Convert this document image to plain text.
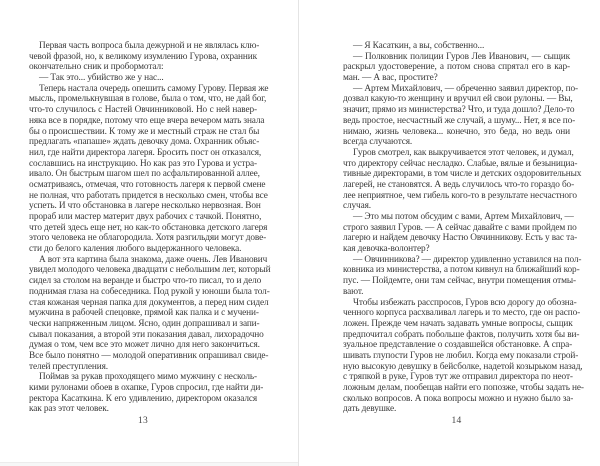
Первая часть вопроса была дежурной и не являлась клю-
чевой фразой, но, к великому изумлению Гурова, охранник
окончательно сник и пробормотал:
— Так это... убийство же у нас...
Теперь настала очередь опешить самому Гурову. Первая же
мысль, промелькнувшая в голове, была о том, что, не дай бог,
что-то случилось с Настей Овчинниковой. Но с ней навер-
няка все в порядке, потому что еще вчера вечером мать знала
бы о происшествии. К тому же и местный страж не стал бы
предлагать «папаше» ждать девочку дома. Охранник объяс-
нил, где найти директора лагеря. Бросить пост он отказался,
сославшись на инструкцию. Но как раз это Гурова и устра-
ивало. Он быстрым шагом шел по асфальтированной аллее,
осматриваясь, отмечая, что готовность лагеря к первой смене
не полная, что работать придется в несколько смен, чтобы все
успеть. И что обстановка в лагере несколько нервозная. Вон
прораб или мастер материт двух рабочих с тачкой. Понятно,
что детей здесь еще нет, но как-то обстановка детского лагеря
этого человека не облагородила. Хотя разгильдяи могут дове-
сти до белого каления любого выдержанного человека.
А вот эта картина была знакома, даже очень. Лев Иванович
увидел молодого человека двадцати с небольшим лет, который
сидел за столом на веранде и быстро что-то писал, то и дело
поднимая глаза на собеседника. Под рукой у юноши была тол-
стая кожаная черная папка для документов, а перед ним сидел
мужчина в рабочей спецовке, прямой как палка и с мучени-
чески напряженным лицом. Ясно, один допрашивал и запи-
сывал показания, а второй эти показания давал, лихорадочно
думая о том, чем все это может лично для него закончиться.
Все было понятно — молодой оперативник опрашивал свиде-
телей преступления.
Поймав за рукав проходящего мимо мужчину с несколь-
кими рулонами обоев в охапке, Гуров спросил, где найти ди-
ректора Касаткина. К его удивлению, директором оказался
как раз этот человек.
13
— Я Касаткин, а вы, собственно...
— Полковник полиции Гуров Лев Иванович, — сыщик
раскрыл удостоверение, а потом снова спрятал его в кар-
ман. — А вас, простите?
— Артем Михайлович, — обреченно заявил директор, по-
дозвал какую-то женщину и вручил ей свои рулоны. — Вы,
значит, прямо из министерства? Что, и туда дошло? Дело-то
ведь простое, несчастный же случай, а шуму... Нет, я все по-
нимаю, жизнь человека... конечно, это беда, но ведь они
всегда случаются.
Гуров смотрел, как выкручивается этот человек, и думал,
что директору сейчас несладко. Слабые, вялые и безынициа-
тивные директорами, в том числе и детских оздоровительных
лагерей, не становятся. А ведь случилось что-то гораздо бо-
лее неприятное, чем гибель кого-то в результате несчастного
случая.
— Это мы потом обсудим с вами, Артем Михайлович, —
строго заявил Гуров. — А сейчас давайте с вами пройдем по
лагерю и найдем девочку Настю Овчинникову. Есть у вас та-
кая девочка-волонтер?
— Овчинникова? — директор удивленно уставился на пол-
ковника из министерства, а потом кивнул на ближайший кор-
пус. — Пойдемте, они там сейчас, внутри помещения отмы-
вают.
Чтобы избежать расспросов, Гуров всю дорогу до обозна-
ченного корпуса расхваливал лагерь и то место, где он распо-
ложен. Прежде чем начать задавать умные вопросы, сыщик
предпочитал собрать побольше фактов, получить хотя бы ви-
зуальное представление о создавшейся обстановке. А спра-
шивать глупости Гуров не любил. Когда ему показали строй-
ную высокую девушку в бейсболке, надетой козырьком назад,
с тряпкой в руке, Гуров тут же отправил директора по неот-
ложным делам, пообещав найти его попозже, чтобы задать не-
сколько вопросов. А пока вопросы можно и нужно было за-
дать девушке.
14
